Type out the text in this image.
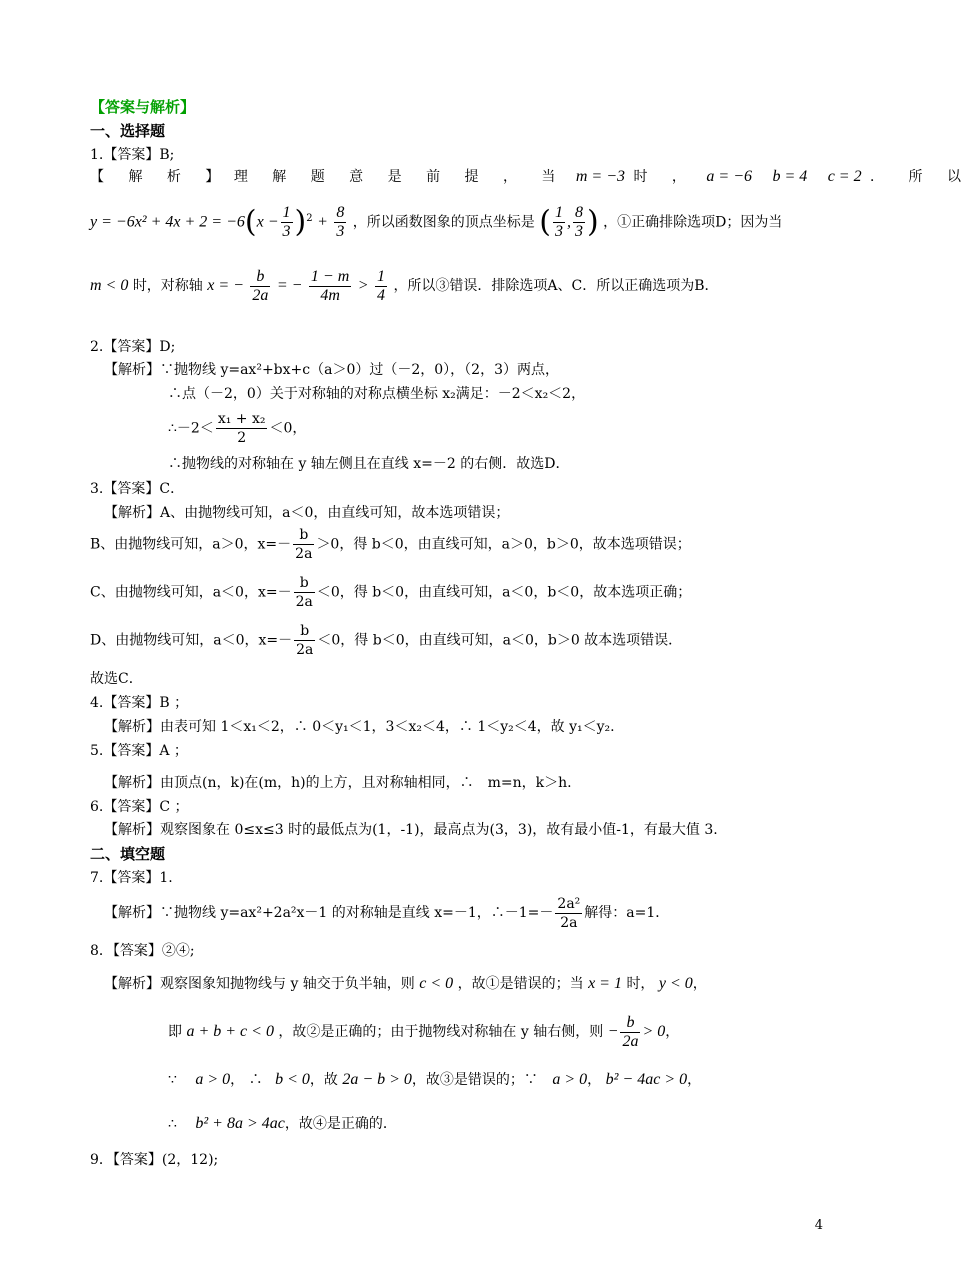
【答案与解析】
一、选择题
1.【答案】B;
【 解 析 】 理 解 题 意 是 前 提 ， 当 m = −3 时 ， a = −6 b = 4 c = 2 ． 所 以
$y = -6x^2 + 4x + 2 = -6(x - \frac{1}{3} )^2 + \frac{8}{3}$ ，所以函数图象的顶点坐标是 ( $\frac{1}{3}$ , $\frac{8}{3}$ ) ，①正确排除选项D；因为当
m < 0 时，对称轴 x = − $\frac{b}{2a}$ = − $\frac{1 - m}{4m} > \frac{1}{4}$ ，所以③错误．排除选项A、C．所以正确选项为B．
2.【答案】D;
【解析】∵抛物线 y=ax²+bx+c（a＞0）过（－2，0），（2，3）两点，
∴点（－2，0）关于对称轴的对称点横坐标 x₂满足：－2＜x₂＜2，
∴－2＜ $\frac{\text{x₁ + x₂}}{2} <0$，
∴抛物线的对称轴在 y 轴左侧且在直线 x=－2 的右侧．故选D．
3.【答案】C．
【解析】A、由抛物线可知，a＜0，由直线可知，故本选项错误；
B、由抛物线可知，a＞0，$x=- \frac{b}{2a} >0$，得 b＜0，由直线可知，a＞0，b＞0，故本选项错误；
C、由抛物线可知，a＜0，$x=- \frac{b}{2a} <0$，得 b＜0，由直线可知，a＜0，b＜0，故本选项正确；
D、由抛物线可知，a＜0，$x=- \frac{b}{2a} <0$，得 b＜0，由直线可知，a＜0，b＞0 故本选项错误．
故选C．
4.【答案】B ；
【解析】由表可知 1＜x₁＜2，∴ 0＜y₁＜1，3＜x₂＜4，∴ 1＜y₂＜4，故 y₁＜y₂.
5.【答案】A ；
【解析】由顶点(n，k)在(m，h)的上方，且对称轴相同，∴　m=n，k＞h.
6.【答案】C ；
【解析】观察图象在 0≤x≤3 时的最低点为(1，-1)，最高点为(3，3)，故有最小值-1，有最大值 3.
二、填空题
7.【答案】1.
【解析】∵抛物线 y=ax²+2a²x－1 的对称轴是直线 x=－1，∴－1=－ $\frac{\text{2a²}}{2a}$ 解得：a=1．
8．【答案】②④;
【解析】观察图象知抛物线与 y 轴交于负半轴，则 c < 0 ，故①是错误的；当 x = 1 时， y < 0，
即 a + b + c < 0 ，故②是正确的；由于抛物线对称轴在 y 轴右侧，则 − $\frac{b}{2a} > 0$，
∵ a > 0， ∴ b < 0，故 2a − b > 0，故③是错误的；∵ a > 0， b² − 4ac > 0，
∴ b² + 8a > 4ac，故④是正确的．
9．【答案】(2，12);
4
